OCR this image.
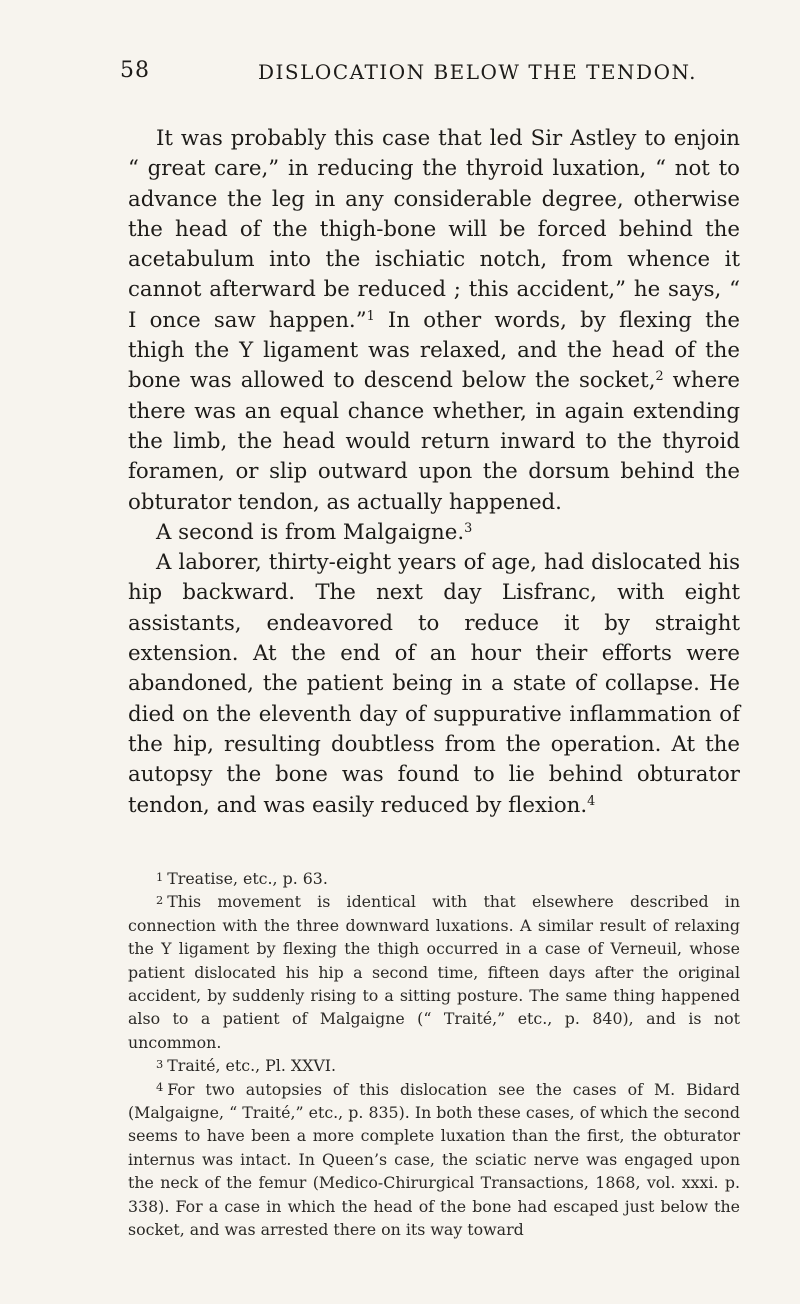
58	DISLOCATION BELOW THE TENDON.

It was probably this case that led Sir Astley to enjoin “ great care,” in reducing the thyroid luxation, “ not to advance the leg in any considerable degree, otherwise the head of the thigh-bone will be forced behind the acetabulum into the ischiatic notch, from whence it cannot afterward be reduced ; this accident,” he says, “ I once saw happen.”$^1$ In other words, by flexing the thigh the Y ligament was relaxed, and the head of the bone was allowed to descend below the socket,$^2$ where there was an equal chance whether, in again extending the limb, the head would return inward to the thyroid foramen, or slip outward upon the dorsum behind the obturator tendon, as actually happened.

A second is from Malgaigne.$^3$

A laborer, thirty-eight years of age, had dislocated his hip backward. The next day Lisfranc, with eight assistants, endeavored to reduce it by straight extension. At the end of an hour their efforts were abandoned, the patient being in a state of collapse. He died on the eleventh day of suppurative inflammation of the hip, resulting doubtless from the operation. At the autopsy the bone was found to lie behind obturator tendon, and was easily reduced by flexion.$^4$

$^1$ Treatise, etc., p. 63.

$^2$ This movement is identical with that elsewhere described in connection with the three downward luxations. A similar result of relaxing the Y ligament by flexing the thigh occurred in a case of Verneuil, whose patient dislocated his hip a second time, fifteen days after the original accident, by suddenly rising to a sitting posture. The same thing happened also to a patient of Malgaigne (“ Traité,” etc., p. 840), and is not uncommon.

$^3$ Traité, etc., Pl. XXVI.

$^4$ For two autopsies of this dislocation see the cases of M. Bidard (Malgaigne, “ Traité,” etc., p. 835). In both these cases, of which the second seems to have been a more complete luxation than the first, the obturator internus was intact. In Queen’s case, the sciatic nerve was engaged upon the neck of the femur (Medico-Chirurgical Transactions, 1868, vol. xxxi. p. 338). For a case in which the head of the bone had escaped just below the socket, and was arrested there on its way toward
